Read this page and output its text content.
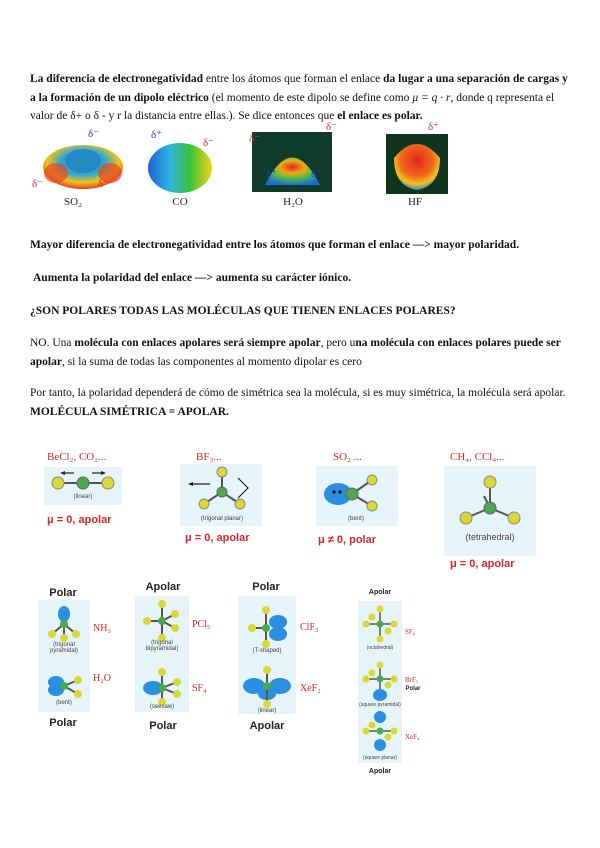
La diferencia de electronegatividad entre los átomos que forman el enlace da lugar a una separación de cargas y a la formación de un dipolo eléctrico (el momento de este dipolo se define como μ = q · r, donde q representa el valor de δ+ o δ - y r la distancia entre ellas.). Se dice entonces que el enlace es polar.

δ⁻
δ⁻	δ⁻
SO₂
δ⁺
δ⁻
CO
δ⁻
δ⁻
δ⁺	δ⁺
H₂O
δ⁺
HF

Mayor diferencia de electronegatividad entre los átomos que forman el enlace —> mayor polaridad.

Aumenta la polaridad del enlace —> aumenta su carácter iónico.

¿SON POLARES TODAS LAS MOLÉCULAS QUE TIENEN ENLACES POLARES?

NO. Una molécula con enlaces apolares será siempre apolar, pero una molécula con enlaces polares puede ser apolar, si la suma de todas las componentes al momento dipolar es cero

Por tanto, la polaridad dependerá de cómo de simétrica sea la molécula, si es muy simétrica, la molécula será apolar. MOLÉCULA SIMÉTRICA = APOLAR.

BeCl₂, CO₂...
(linear)
μ = 0, apolar
BF₃...
(trigonal planar)
μ = 0, apolar
SO₂ ...
(bent)
μ ≠ 0, polar
CH₄, CCl₄...
(tetrahedral)
μ = 0, apolar
Polar
(trigonal pyramidal)
(bent)
NH₃
H₂O
Polar
Apolar
(trigonal bipyramidal)
(seesaw)
PCl₅
SF₄
Polar
Polar
(T-shaped)
(linear)
ClF₃
XeF₂
Apolar
Apolar
(octahedral)
(square pyramidal)
(square planar)
SF₆
BrF₅
Polar
XeF₄
Apolar
